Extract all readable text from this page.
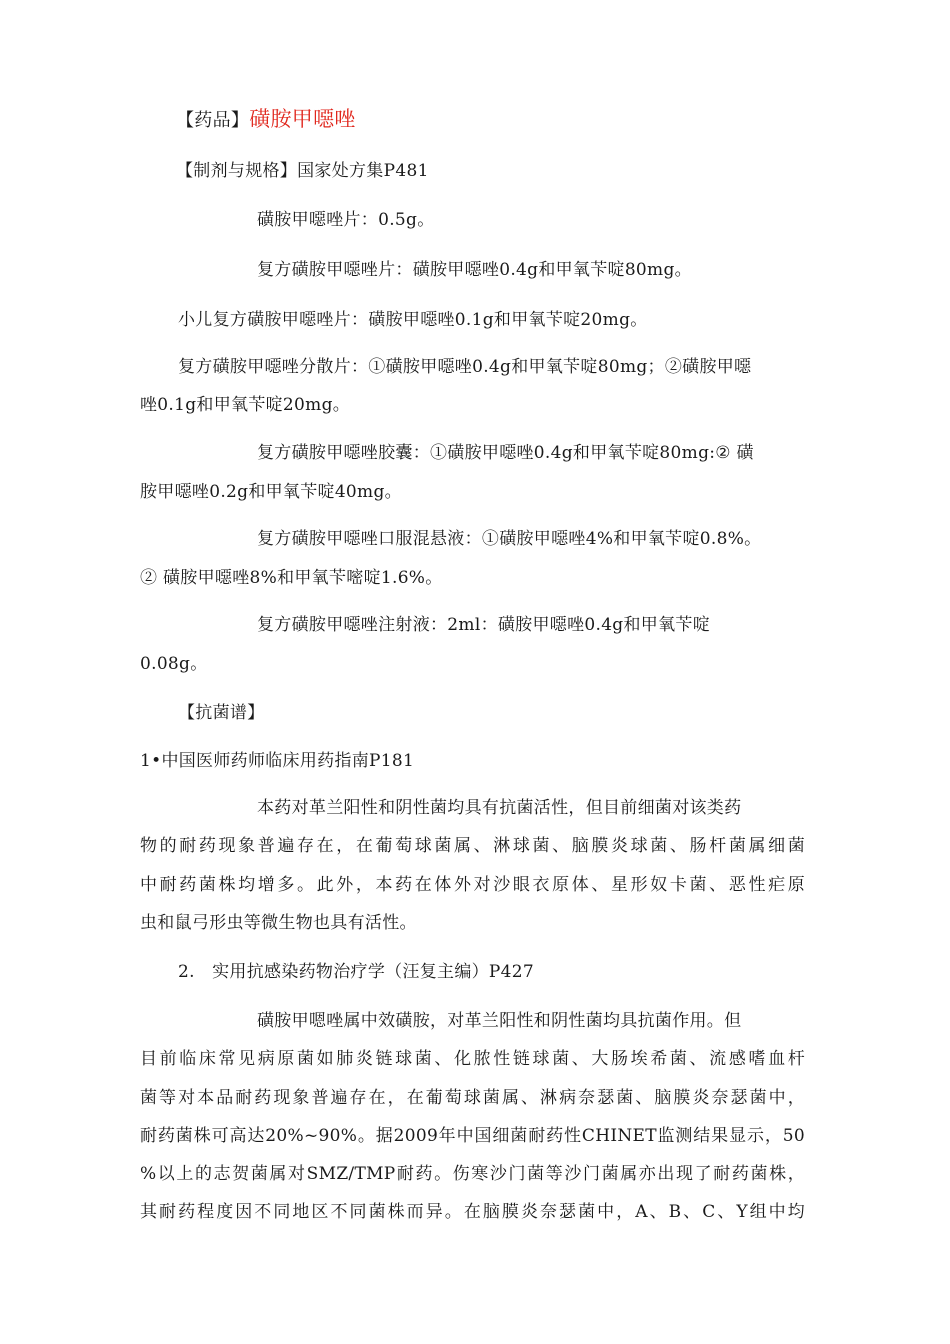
【药品】磺胺甲噁唑
【制剂与规格】国家处方集P481
磺胺甲噁唑片：0.5g。
复方磺胺甲噁唑片：磺胺甲噁唑0.4g和甲氧苄啶80mg。
小儿复方磺胺甲噁唑片：磺胺甲噁唑0.1g和甲氧苄啶20mg。
复方磺胺甲噁唑分散片：①磺胺甲噁唑0.4g和甲氧苄啶80mg；②磺胺甲噁
唑0.1g和甲氧苄啶20mg。
复方磺胺甲噁唑胶囊：①磺胺甲噁唑0.4g和甲氧苄啶80mg:② 磺
胺甲噁唑0.2g和甲氧苄啶40mg。
复方磺胺甲噁唑口服混悬液：①磺胺甲噁唑4%和甲氧苄啶0.8%。
② 磺胺甲噁唑8%和甲氧苄嘧啶1.6%。
复方磺胺甲噁唑注射液：2ml：磺胺甲噁唑0.4g和甲氧苄啶
0.08g。
【抗菌谱】
1•中国医师药师临床用药指南P181
本药对革兰阳性和阴性菌均具有抗菌活性，但目前细菌对该类药
物的耐药现象普遍存在，在葡萄球菌属、淋球菌、脑膜炎球菌、肠杆菌属细菌
中耐药菌株均增多。此外，本药在体外对沙眼衣原体、星形奴卡菌、恶性疟原
虫和鼠弓形虫等微生物也具有活性。
2.　实用抗感染药物治疗学（汪复主编）P427
磺胺甲嗯唑属中效磺胺，对革兰阳性和阴性菌均具抗菌作用。但
目前临床常见病原菌如肺炎链球菌、化脓性链球菌、大肠埃希菌、流感嗜血杆
菌等对本品耐药现象普遍存在，在葡萄球菌属、淋病奈瑟菌、脑膜炎奈瑟菌中，
耐药菌株可高达20%~90%。据2009年中国细菌耐药性CHINET监测结果显示，50
%以上的志贺菌属对SMZ/TMP耐药。伤寒沙门菌等沙门菌属亦出现了耐药菌株，
其耐药程度因不同地区不同菌株而异。在脑膜炎奈瑟菌中，A、B、C、Y组中均
